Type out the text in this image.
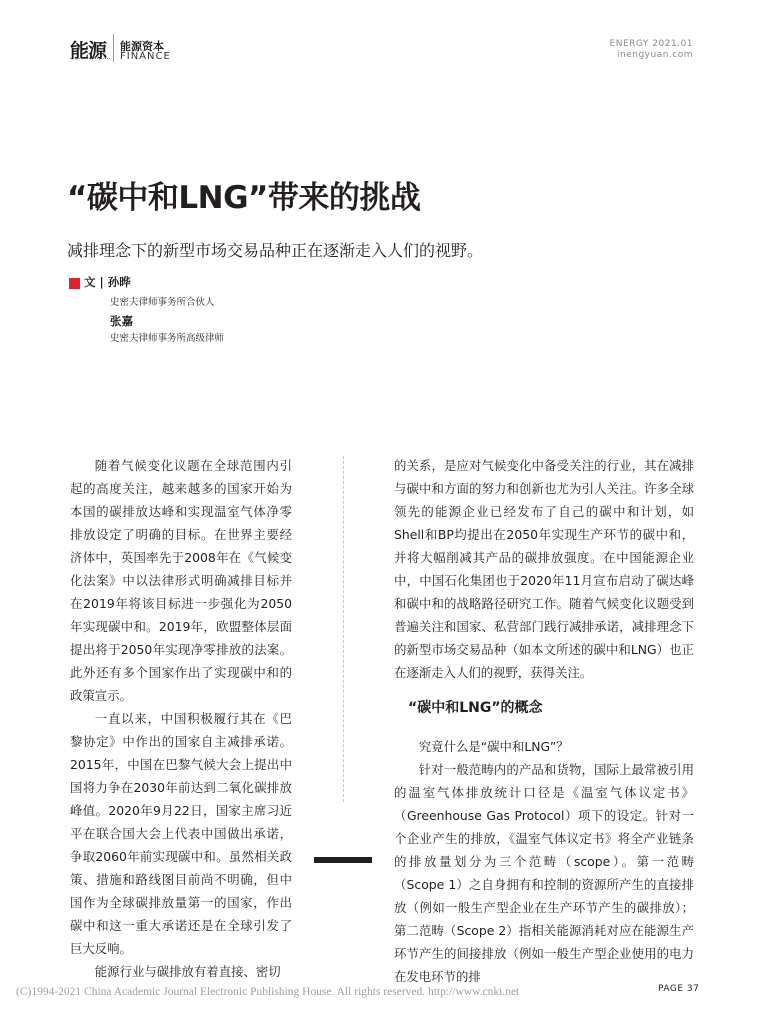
能源 能源资本
FINANCE
ENERGY 2021.01
inengyuan.com
“碳中和LNG”带来的挑战
减排理念下的新型市场交易品种正在逐渐走入人们的视野。
文 | 孙晔
史密夫律师事务所合伙人
张嘉
史密夫律师事务所高级律师

随着气候变化议题在全球范围内引起的高度关注，越来越多的国家开始为本国的碳排放达峰和实现温室气体净零排放设定了明确的目标。在世界主要经济体中，英国率先于2008年在《气候变化法案》中以法律形式明确减排目标并在2019年将该目标进一步强化为2050年实现碳中和。2019年，欧盟整体层面提出将于2050年实现净零排放的法案。此外还有多个国家作出了实现碳中和的政策宣示。

一直以来，中国积极履行其在《巴黎协定》中作出的国家自主减排承诺。2015年，中国在巴黎气候大会上提出中国将力争在2030年前达到二氧化碳排放峰值。2020年9月22日，国家主席习近平在联合国大会上代表中国做出承诺，争取2060年前实现碳中和。虽然相关政策、措施和路线图目前尚不明确，但中国作为全球碳排放量第一的国家，作出碳中和这一重大承诺还是在全球引发了巨大反响。

能源行业与碳排放有着直接、密切

的关系，是应对气候变化中备受关注的行业，其在减排与碳中和方面的努力和创新也尤为引人关注。许多全球领先的能源企业已经发布了自己的碳中和计划，如Shell和BP均提出在2050年实现生产环节的碳中和，并将大幅削减其产品的碳排放强度。在中国能源企业中，中国石化集团也于2020年11月宣布启动了碳达峰和碳中和的战略路径研究工作。随着气候变化议题受到普遍关注和国家、私营部门践行减排承诺，减排理念下的新型市场交易品种（如本文所述的碳中和LNG）也正在逐渐走入人们的视野，获得关注。

“碳中和LNG”的概念

究竟什么是“碳中和LNG”？

针对一般范畴内的产品和货物，国际上最常被引用的温室气体排放统计口径是《温室气体议定书》（Greenhouse Gas Protocol）项下的设定。针对一个企业产生的排放，《温室气体议定书》将全产业链条的排放量划分为三个范畴（scope）。第一范畴（Scope 1）之自身拥有和控制的资源所产生的直接排放（例如一般生产型企业在生产环节产生的碳排放）；第二范畴（Scope 2）指相关能源消耗对应在能源生产环节产生的间接排放（例如一般生产型企业使用的电力在发电环节的排

PAGE 37
(C)1994-2021 China Academic Journal Electronic Publishing House. All rights reserved. http://www.cnki.net
